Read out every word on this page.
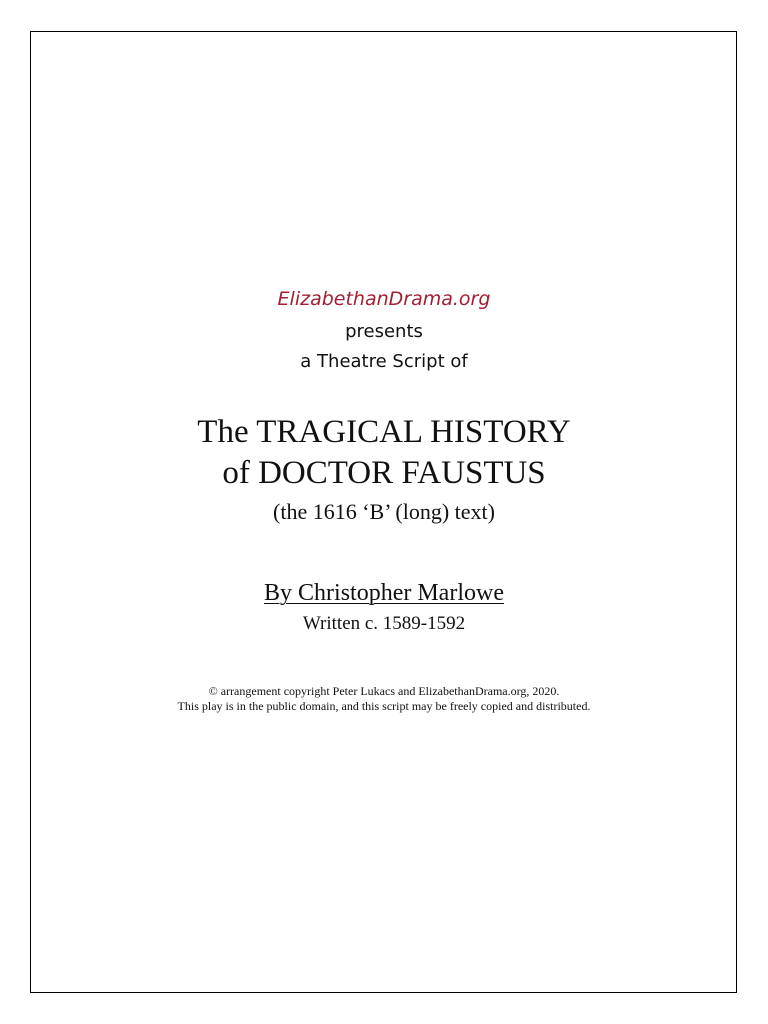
ElizabethanDrama.org
presents
a Theatre Script of
The TRAGICAL HISTORY
of DOCTOR FAUSTUS
(the 1616 ‘B’ (long) text)
By Christopher Marlowe
Written c. 1589-1592
© arrangement copyright Peter Lukacs and ElizabethanDrama.org, 2020.
This play is in the public domain, and this script may be freely copied and distributed.
